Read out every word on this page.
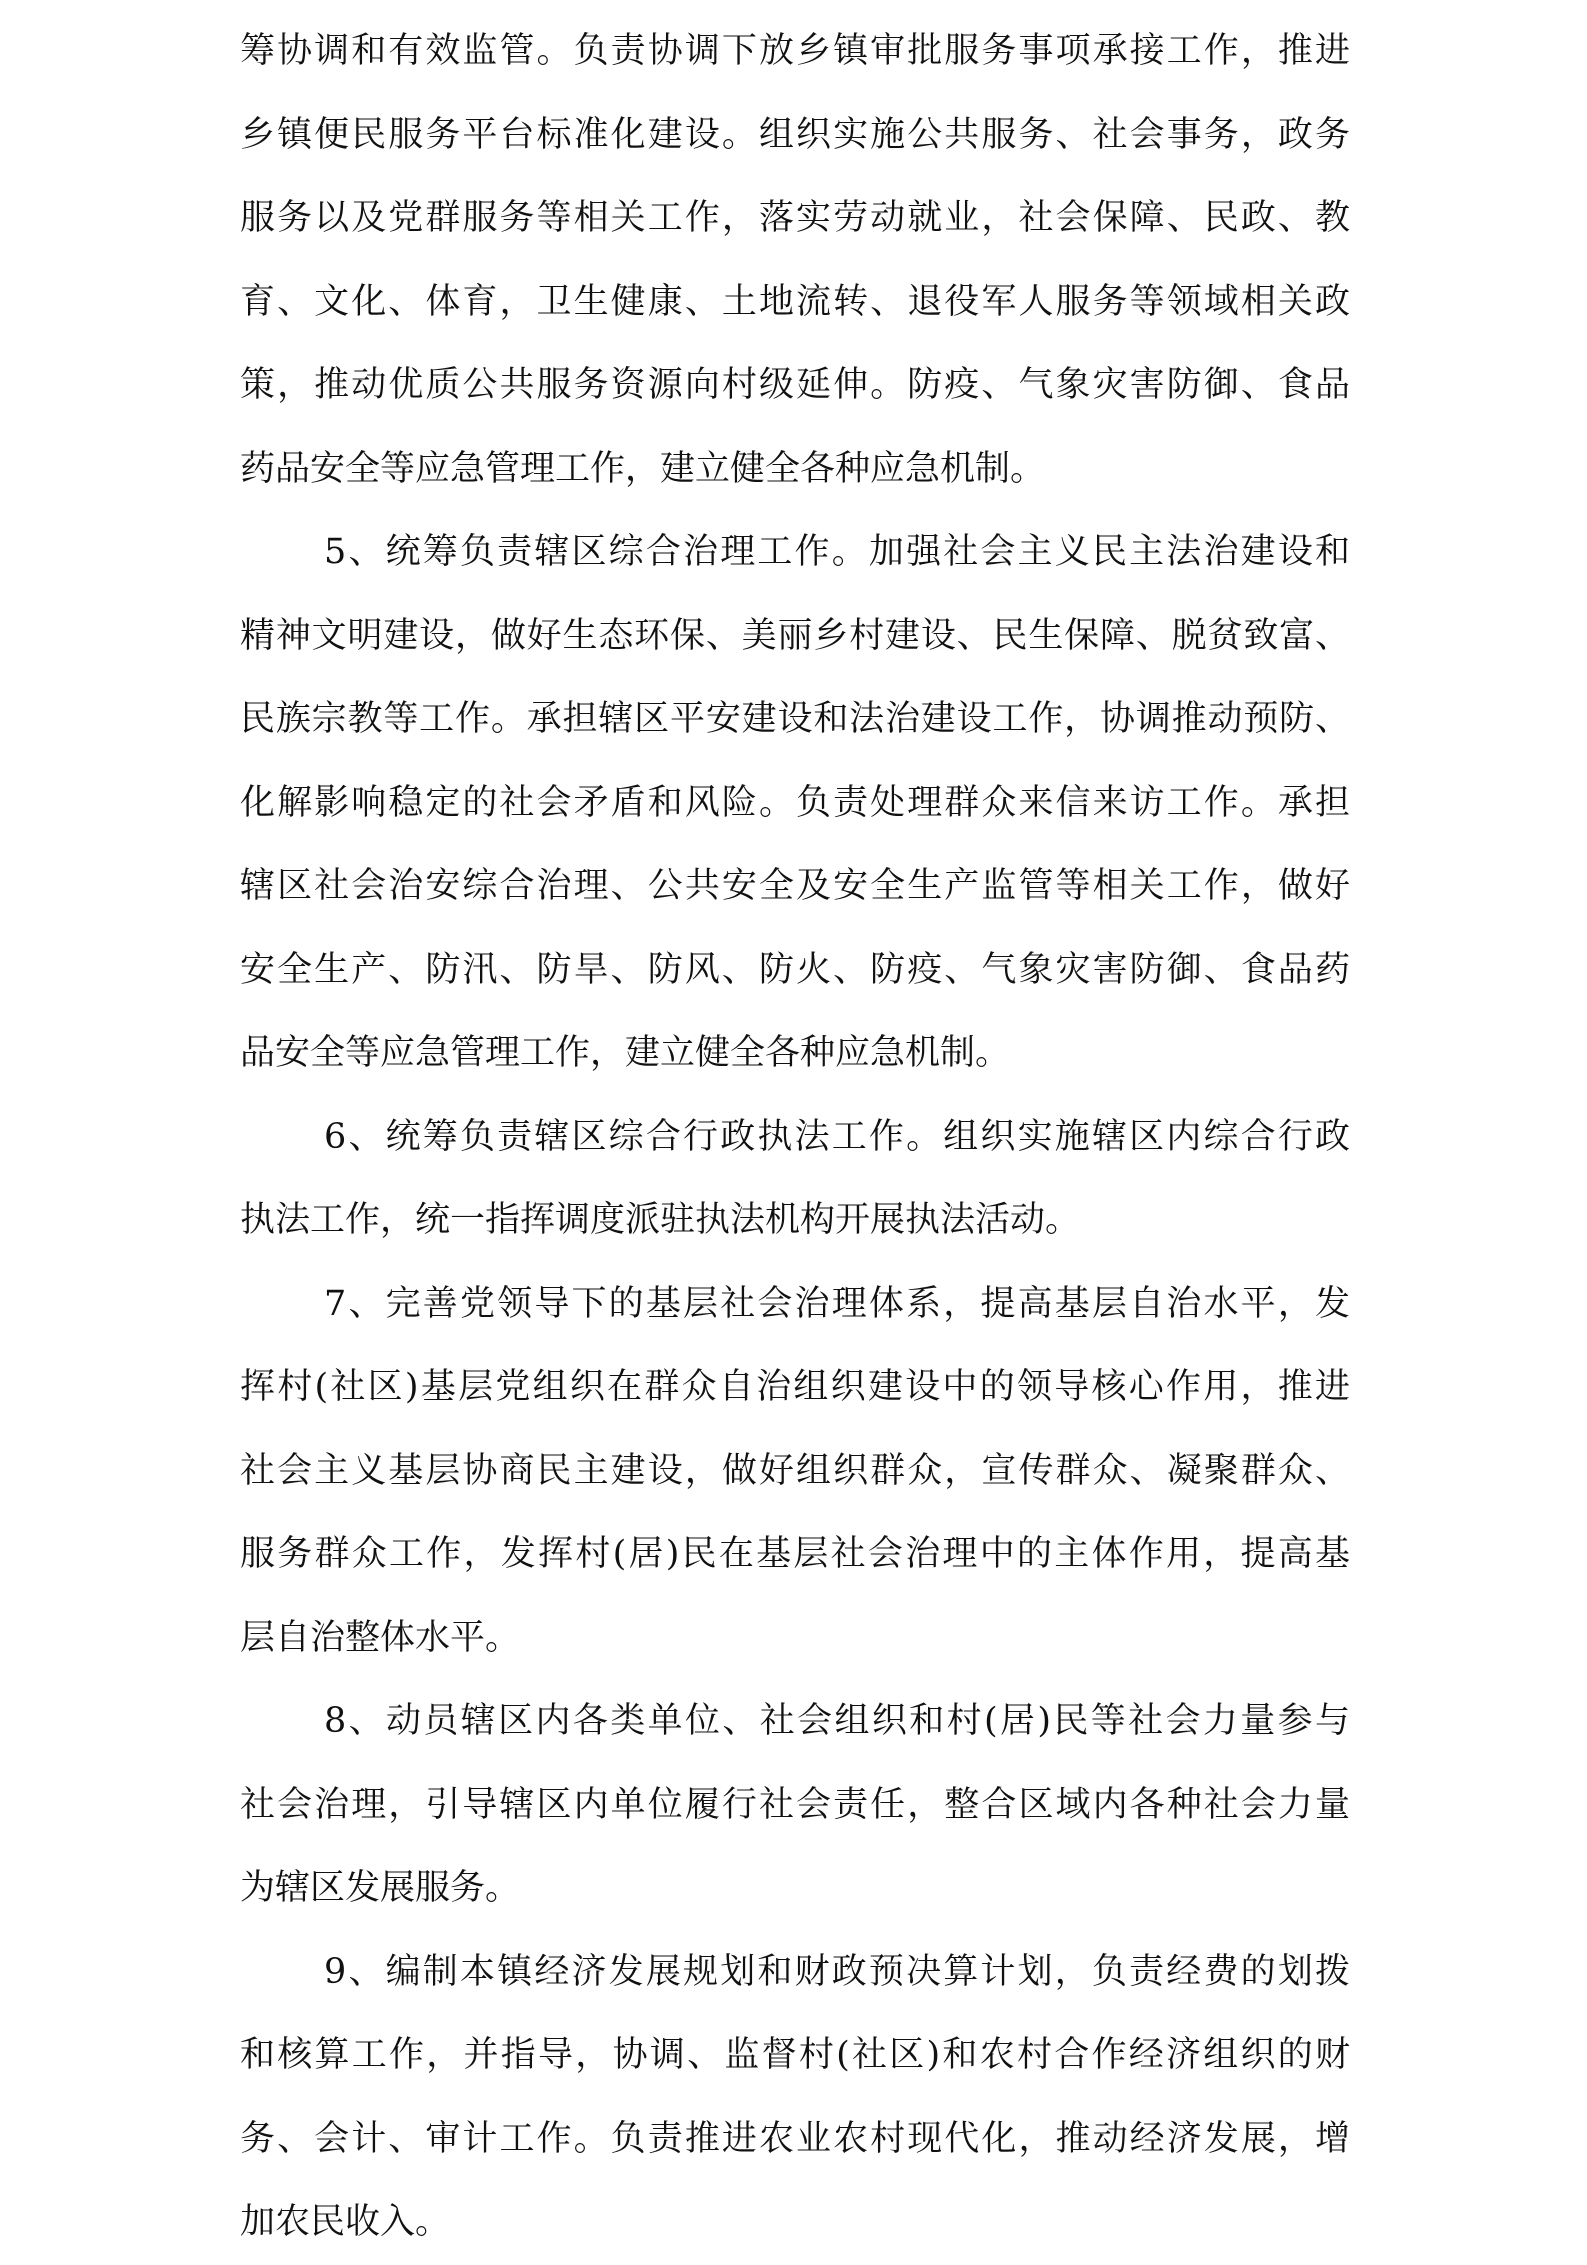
筹协调和有效监管。负责协调下放乡镇审批服务事项承接工作，推进
乡镇便民服务平台标准化建设。组织实施公共服务、社会事务，政务
服务以及党群服务等相关工作，落实劳动就业，社会保障、民政、教
育、文化、体育，卫生健康、土地流转、退役军人服务等领域相关政
策，推动优质公共服务资源向村级延伸。防疫、气象灾害防御、食品
药品安全等应急管理工作，建立健全各种应急机制。
5、统筹负责辖区综合治理工作。加强社会主义民主法治建设和
精神文明建设，做好生态环保、美丽乡村建设、民生保障、脱贫致富、
民族宗教等工作。承担辖区平安建设和法治建设工作，协调推动预防、
化解影响稳定的社会矛盾和风险。负责处理群众来信来访工作。承担
辖区社会治安综合治理、公共安全及安全生产监管等相关工作，做好
安全生产、防汛、防旱、防风、防火、防疫、气象灾害防御、食品药
品安全等应急管理工作，建立健全各种应急机制。
6、统筹负责辖区综合行政执法工作。组织实施辖区内综合行政
执法工作，统一指挥调度派驻执法机构开展执法活动。
7、完善党领导下的基层社会治理体系，提高基层自治水平，发
挥村(社区)基层党组织在群众自治组织建设中的领导核心作用，推进
社会主义基层协商民主建设，做好组织群众，宣传群众、凝聚群众、
服务群众工作，发挥村(居)民在基层社会治理中的主体作用，提高基
层自治整体水平。
8、动员辖区内各类单位、社会组织和村(居)民等社会力量参与
社会治理，引导辖区内单位履行社会责任，整合区域内各种社会力量
为辖区发展服务。
9、编制本镇经济发展规划和财政预决算计划，负责经费的划拨
和核算工作，并指导，协调、监督村(社区)和农村合作经济组织的财
务、会计、审计工作。负责推进农业农村现代化，推动经济发展，增
加农民收入。
